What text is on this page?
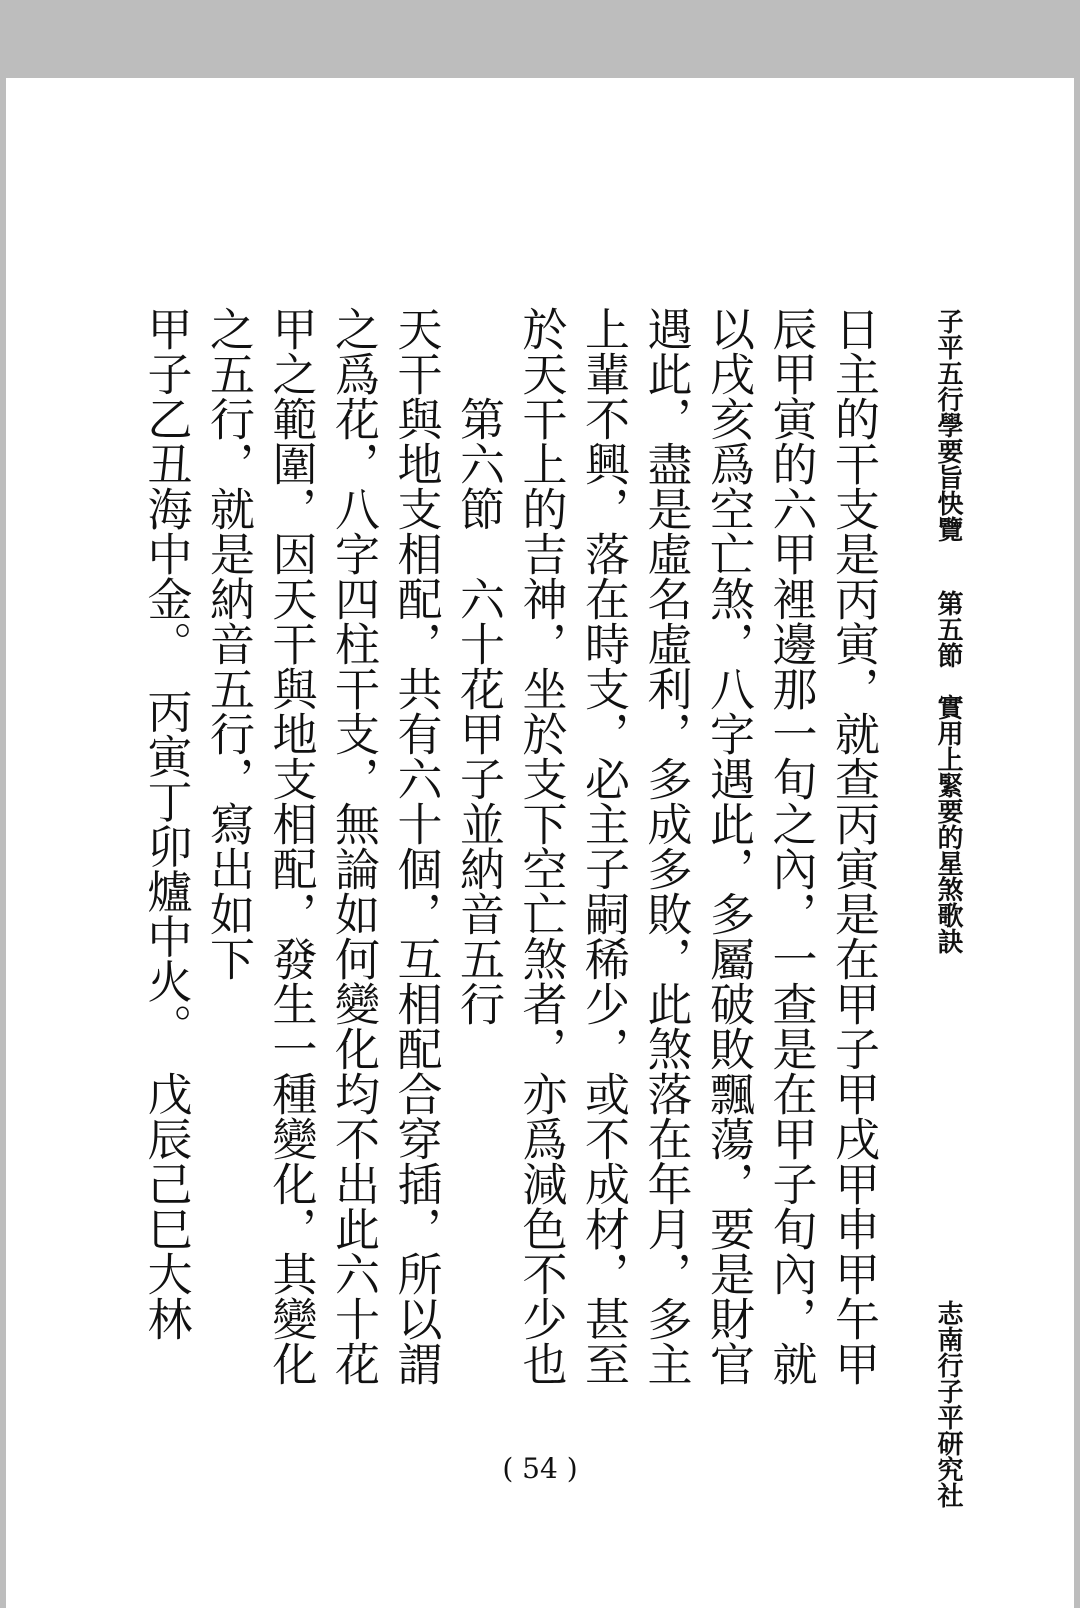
子平五行學要旨快覽　第五節　實用上緊要的星煞歌訣
志南行子平研究社
日主的干支是丙寅，就查丙寅是在甲子甲戌甲申甲午甲
辰甲寅的六甲裡邊那一旬之內，一查是在甲子旬內，就
以戌亥爲空亡煞，八字遇此，多屬破敗飄蕩，要是財官
遇此，盡是虛名虛利，多成多敗，此煞落在年月，多主
上輩不興，落在時支，必主子嗣稀少，或不成材，甚至
於天干上的吉神，坐於支下空亡煞者，亦爲減色不少也
第六節　六十花甲子並納音五行
天干與地支相配，共有六十個，互相配合穿插，所以謂
之爲花，八字四柱干支，無論如何變化均不出此六十花
甲之範圍，因天干與地支相配，發生一種變化，其變化
之五行，就是納音五行，寫出如下
甲子乙丑海中金。　丙寅丁卯爐中火。　戊辰己巳大林
( 54 )
